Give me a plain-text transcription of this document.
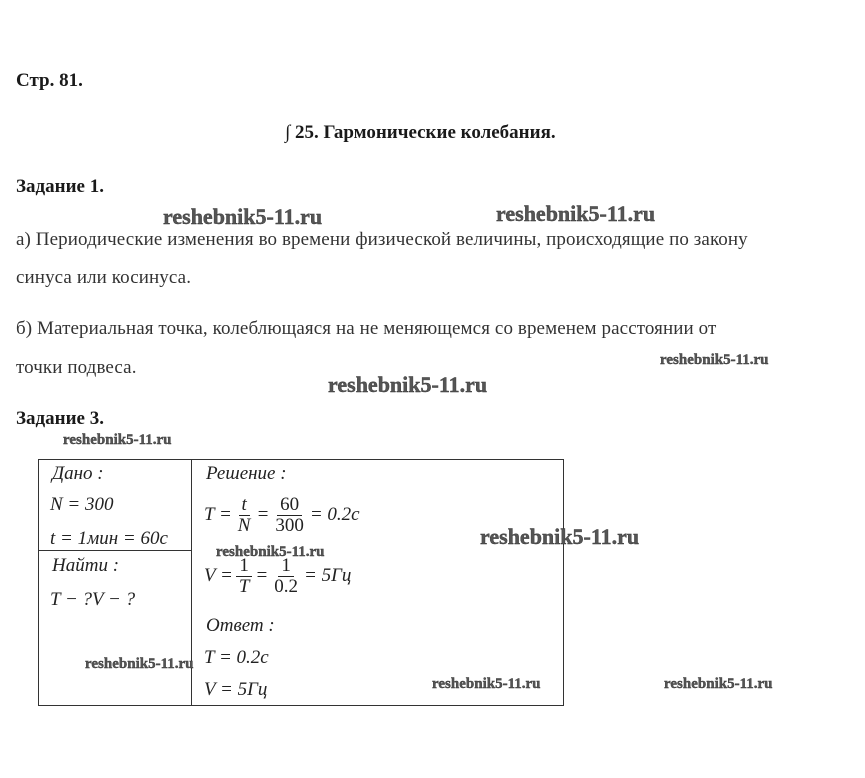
Стр. 81.
∫ 25. Гармонические колебания.
Задание 1.
а) Периодические изменения во времени физической величины, происходящие по закону
синуса или косинуса.
б) Материальная точка, колеблющаяся на не меняющемся со временем расстоянии от
точки подвеса.
Задание 3.
Дано :
N = 300
t = 1мин = 60с
Найти :
T − ?V − ?
Решение :
$T = \frac{t}{N} = \frac{60}{300} = 0.2с$
$V = \frac{1}{T} = \frac{1}{0.2} = 5Гц$
Ответ :
T = 0.2с
V = 5Гц
reshebnik5-11.ru	reshebnik5-11.ru
reshebnik5-11.ru
reshebnik5-11.ru
reshebnik5-11.ru
reshebnik5-11.ru
reshebnik5-11.ru
reshebnik5-11.ru
reshebnik5-11.ru	reshebnik5-11.ru
